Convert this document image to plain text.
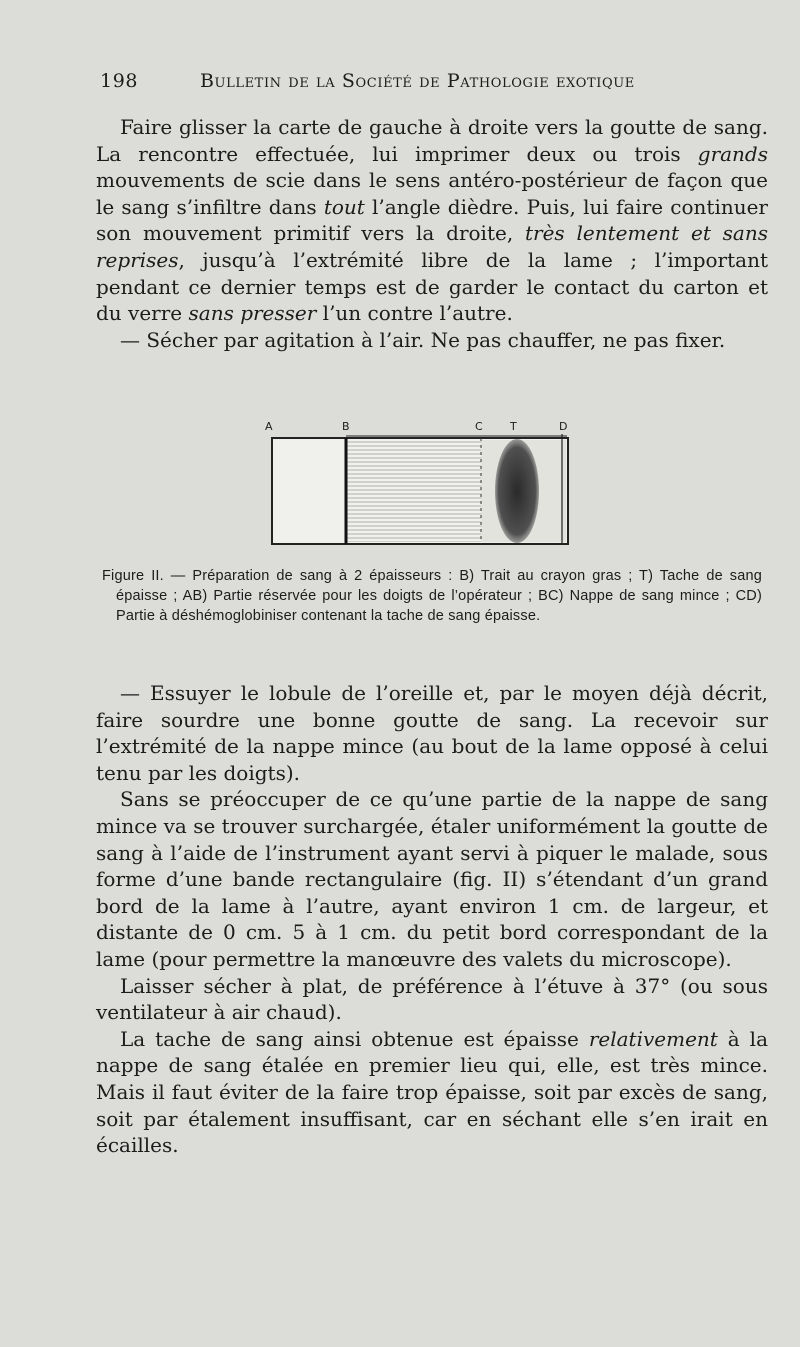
198	Bulletin de la Société de Pathologie exotique

Faire glisser la carte de gauche à droite vers la goutte de sang. La rencontre effectuée, lui imprimer deux ou trois grands mouvements de scie dans le sens antéro-postérieur de façon que le sang s’infiltre dans tout l’angle dièdre. Puis, lui faire continuer son mouvement primitif vers la droite, très lentement et sans reprises, jusqu’à l’extrémité libre de la lame ; l’important pendant ce dernier temps est de garder le contact du carton et du verre sans presser l’un contre l’autre.

— Sécher par agitation à l’air. Ne pas chauffer, ne pas fixer.

A	B	C T	D
Figure II. — Préparation de sang à 2 épaisseurs : B) Trait au crayon gras ; T) Tache de sang épaisse ; AB) Partie réservée pour les doigts de l’opérateur ; BC) Nappe de sang mince ; CD) Partie à déshémoglobiniser contenant la tache de sang épaisse.

— Essuyer le lobule de l’oreille et, par le moyen déjà décrit, faire sourdre une bonne goutte de sang. La recevoir sur l’extrémité de la nappe mince (au bout de la lame opposé à celui tenu par les doigts).

Sans se préoccuper de ce qu’une partie de la nappe de sang mince va se trouver surchargée, étaler uniformément la goutte de sang à l’aide de l’instrument ayant servi à piquer le malade, sous forme d’une bande rectangulaire (fig. II) s’étendant d’un grand bord de la lame à l’autre, ayant environ 1 cm. de largeur, et distante de 0 cm. 5 à 1 cm. du petit bord correspondant de la lame (pour permettre la manœuvre des valets du microscope).

Laisser sécher à plat, de préférence à l’étuve à 37° (ou sous ventilateur à air chaud).

La tache de sang ainsi obtenue est épaisse relativement à la nappe de sang étalée en premier lieu qui, elle, est très mince. Mais il faut éviter de la faire trop épaisse, soit par excès de sang, soit par étalement insuffisant, car en séchant elle s’en irait en écailles.
